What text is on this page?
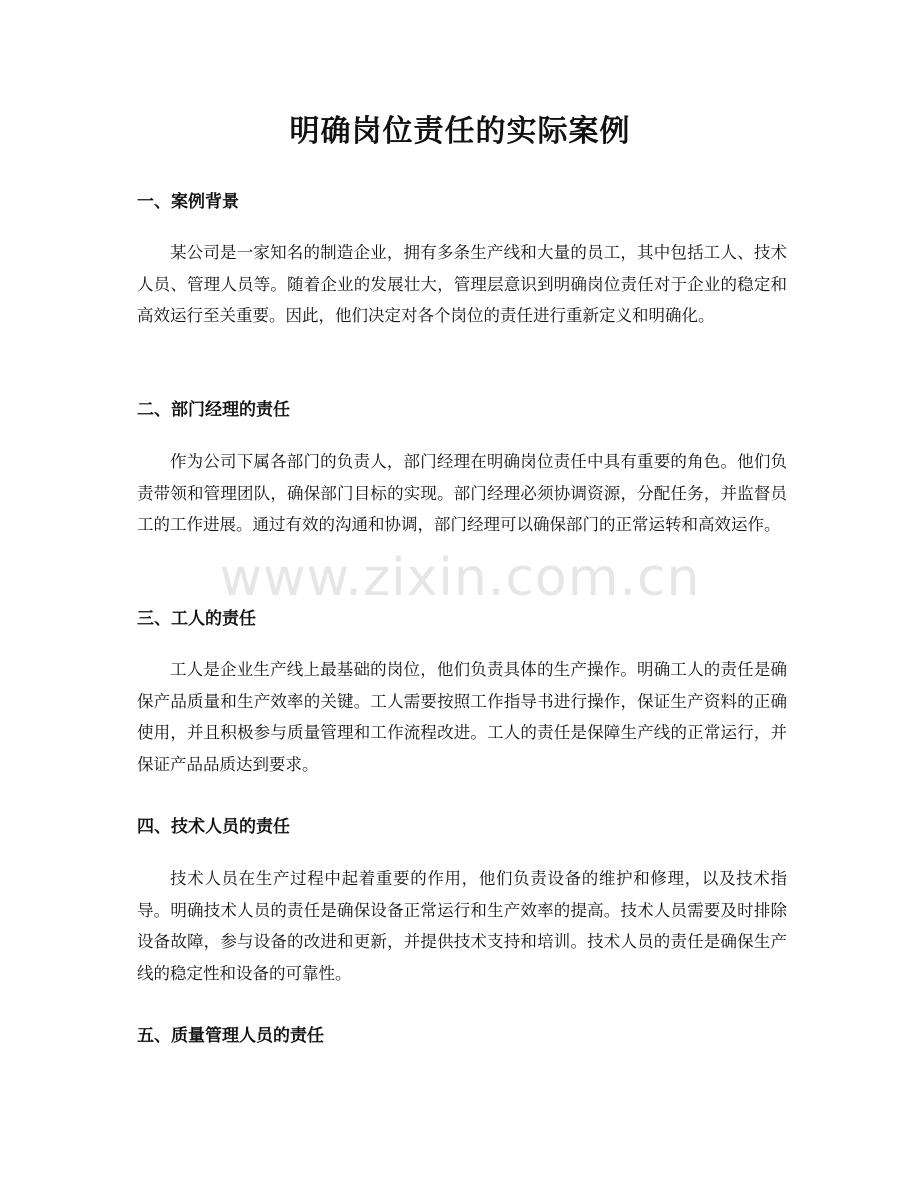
明确岗位责任的实际案例
一、案例背景

某公司是一家知名的制造企业，拥有多条生产线和大量的员工，其中包括工人、技术人员、管理人员等。随着企业的发展壮大，管理层意识到明确岗位责任对于企业的稳定和高效运行至关重要。因此，他们决定对各个岗位的责任进行重新定义和明确化。

二、部门经理的责任

作为公司下属各部门的负责人，部门经理在明确岗位责任中具有重要的角色。他们负责带领和管理团队，确保部门目标的实现。部门经理必须协调资源，分配任务，并监督员工的工作进展。通过有效的沟通和协调，部门经理可以确保部门的正常运转和高效运作。

三、工人的责任

工人是企业生产线上最基础的岗位，他们负责具体的生产操作。明确工人的责任是确保产品质量和生产效率的关键。工人需要按照工作指导书进行操作，保证生产资料的正确使用，并且积极参与质量管理和工作流程改进。工人的责任是保障生产线的正常运行，并保证产品品质达到要求。

四、技术人员的责任

技术人员在生产过程中起着重要的作用，他们负责设备的维护和修理，以及技术指导。明确技术人员的责任是确保设备正常运行和生产效率的提高。技术人员需要及时排除设备故障，参与设备的改进和更新，并提供技术支持和培训。技术人员的责任是确保生产线的稳定性和设备的可靠性。

五、质量管理人员的责任
www.zixin.com.cn
